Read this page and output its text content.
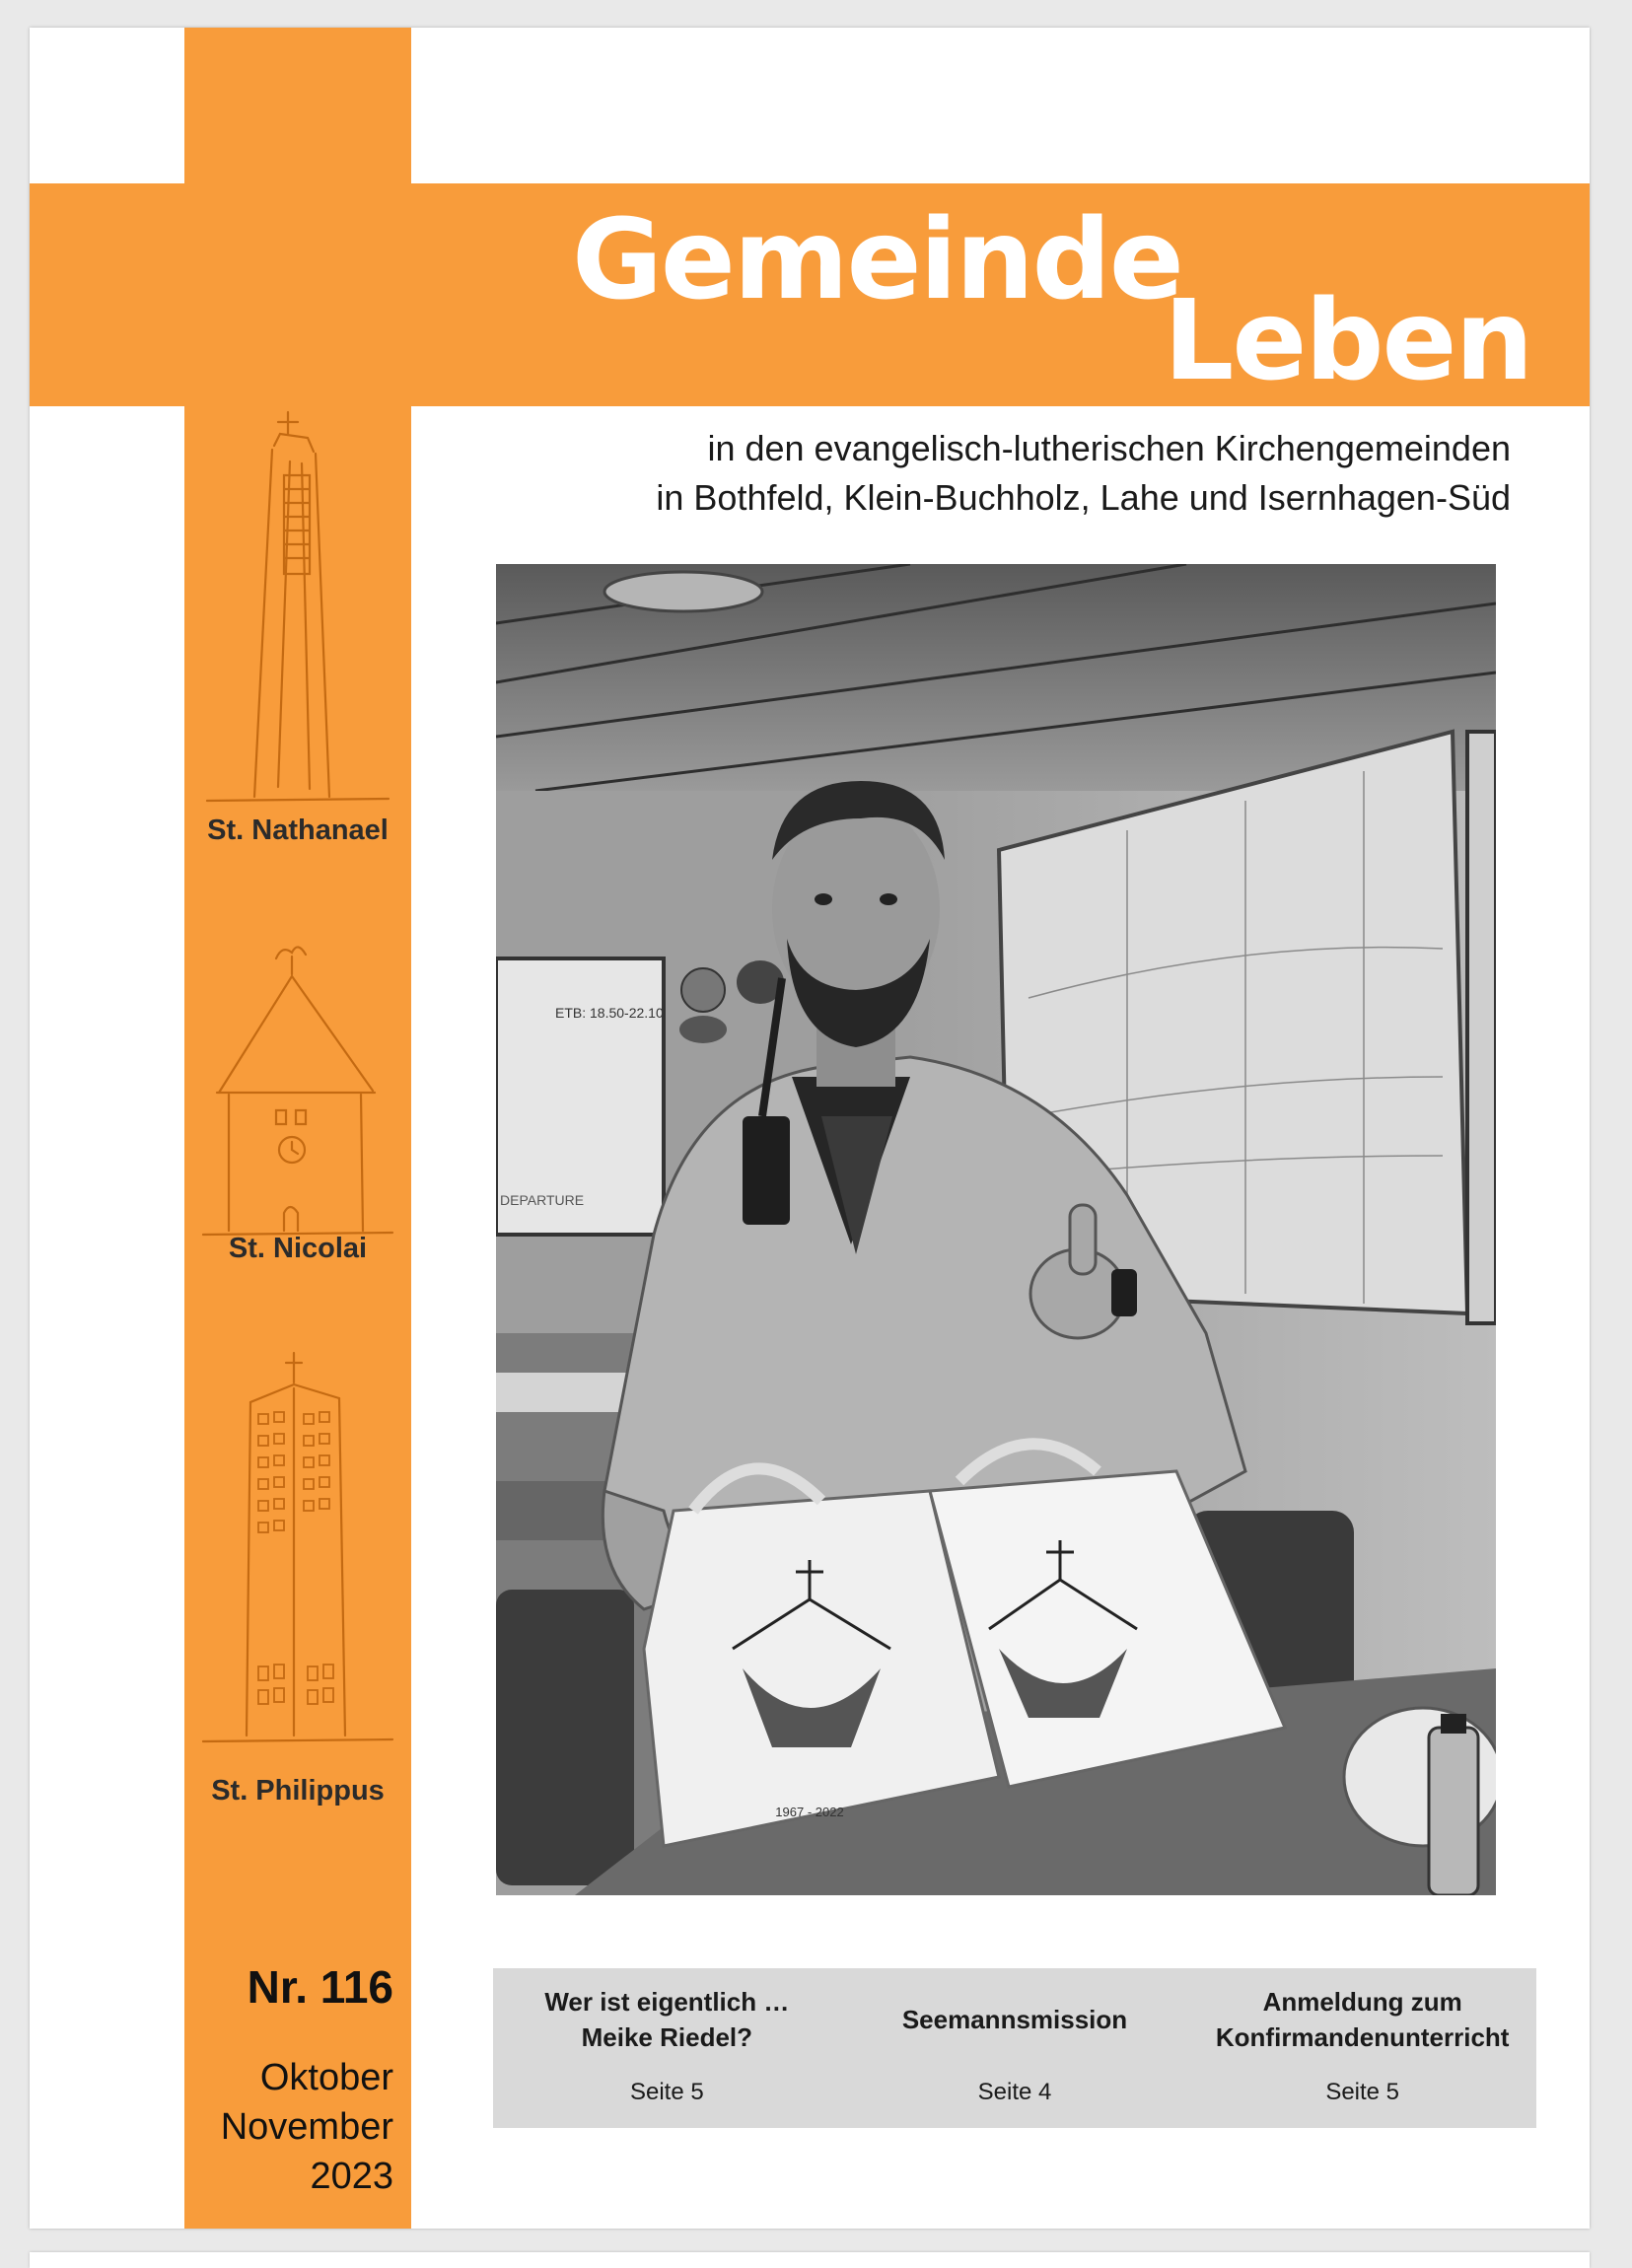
Gemeinde
Leben
in den evangelisch-lutherischen Kirchengemeinden
in Bothfeld, Klein-Buchholz, Lahe und Isernhagen-Süd
St. Nathanael
St. Nicolai
St. Philippus
Nr. 116
Oktober
November
2023
ETB: 18.50-22.10
DEPARTURE
1967 - 2022
Wer ist eigentlich …
Meike Riedel?
Seite 5
Seemannsmission
Seite 4
Anmeldung zum
Konfirmandenunterricht
Seite 5
